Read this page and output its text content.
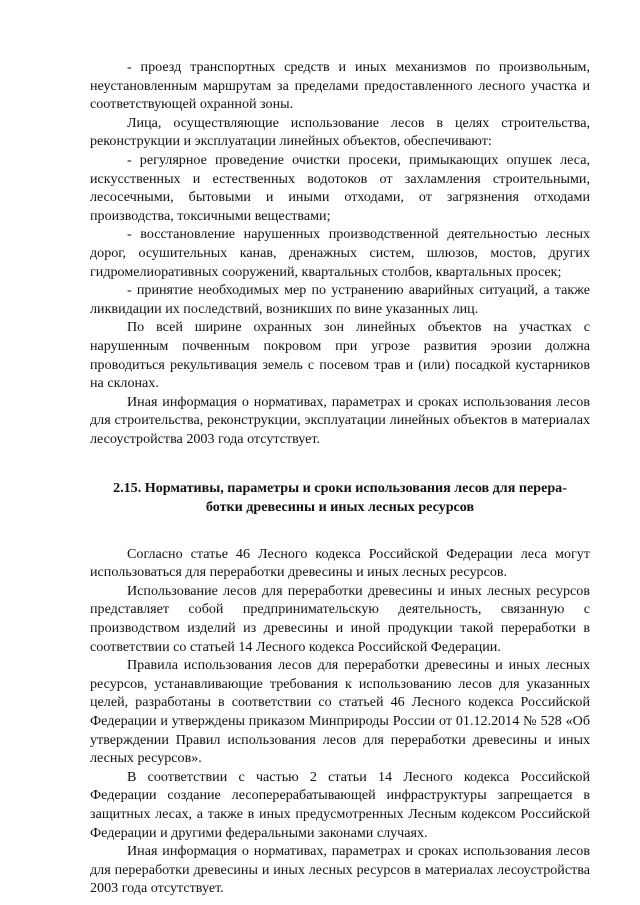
- проезд транспортных средств и иных механизмов по произвольным, неустановленным маршрутам за пределами предоставленного лесного участка и соответствующей охранной зоны.

Лица, осуществляющие использование лесов в целях строительства, реконструкции и эксплуатации линейных объектов, обеспечивают:

- регулярное проведение очистки просеки, примыкающих опушек леса, искусственных и естественных водотоков от захламления строительными, лесосечными, бытовыми и иными отходами, от загрязнения отходами производства, токсичными веществами;

- восстановление нарушенных производственной деятельностью лесных дорог, осушительных канав, дренажных систем, шлюзов, мостов, других гидромелиоративных сооружений, квартальных столбов, квартальных просек;

- принятие необходимых мер по устранению аварийных ситуаций, а также ликвидации их последствий, возникших по вине указанных лиц.

По всей ширине охранных зон линейных объектов на участках с нарушенным почвенным покровом при угрозе развития эрозии должна проводиться рекультивация земель с посевом трав и (или) посадкой кустарников на склонах.

Иная информация о нормативах, параметрах и сроках использования лесов для строительства, реконструкции, эксплуатации линейных объектов в материалах лесоустройства 2003 года отсутствует.

2.15. Нормативы, параметры и сроки использования лесов для перера-
ботки древесины и иных лесных ресурсов

Согласно статье 46 Лесного кодекса Российской Федерации леса могут использоваться для переработки древесины и иных лесных ресурсов.

Использование лесов для переработки древесины и иных лесных ресурсов представляет собой предпринимательскую деятельность, связанную с производством изделий из древесины и иной продукции такой переработки в соответствии со статьей 14 Лесного кодекса Российской Федерации.

Правила использования лесов для переработки древесины и иных лесных ресурсов, устанавливающие требования к использованию лесов для указанных целей, разработаны в соответствии со статьей 46 Лесного кодекса Российской Федерации и утверждены приказом Минприроды России от 01.12.2014 № 528 «Об утверждении Правил использования лесов для переработки древесины и иных лесных ресурсов».

В соответствии с частью 2 статьи 14 Лесного кодекса Российской Федерации создание лесоперерабатывающей инфраструктуры запрещается в защитных лесах, а также в иных предусмотренных Лесным кодексом Российской Федерации и другими федеральными законами случаях.

Иная информация о нормативах, параметрах и сроках использования лесов для переработки древесины и иных лесных ресурсов в материалах лесоустройства 2003 года отсутствует.
